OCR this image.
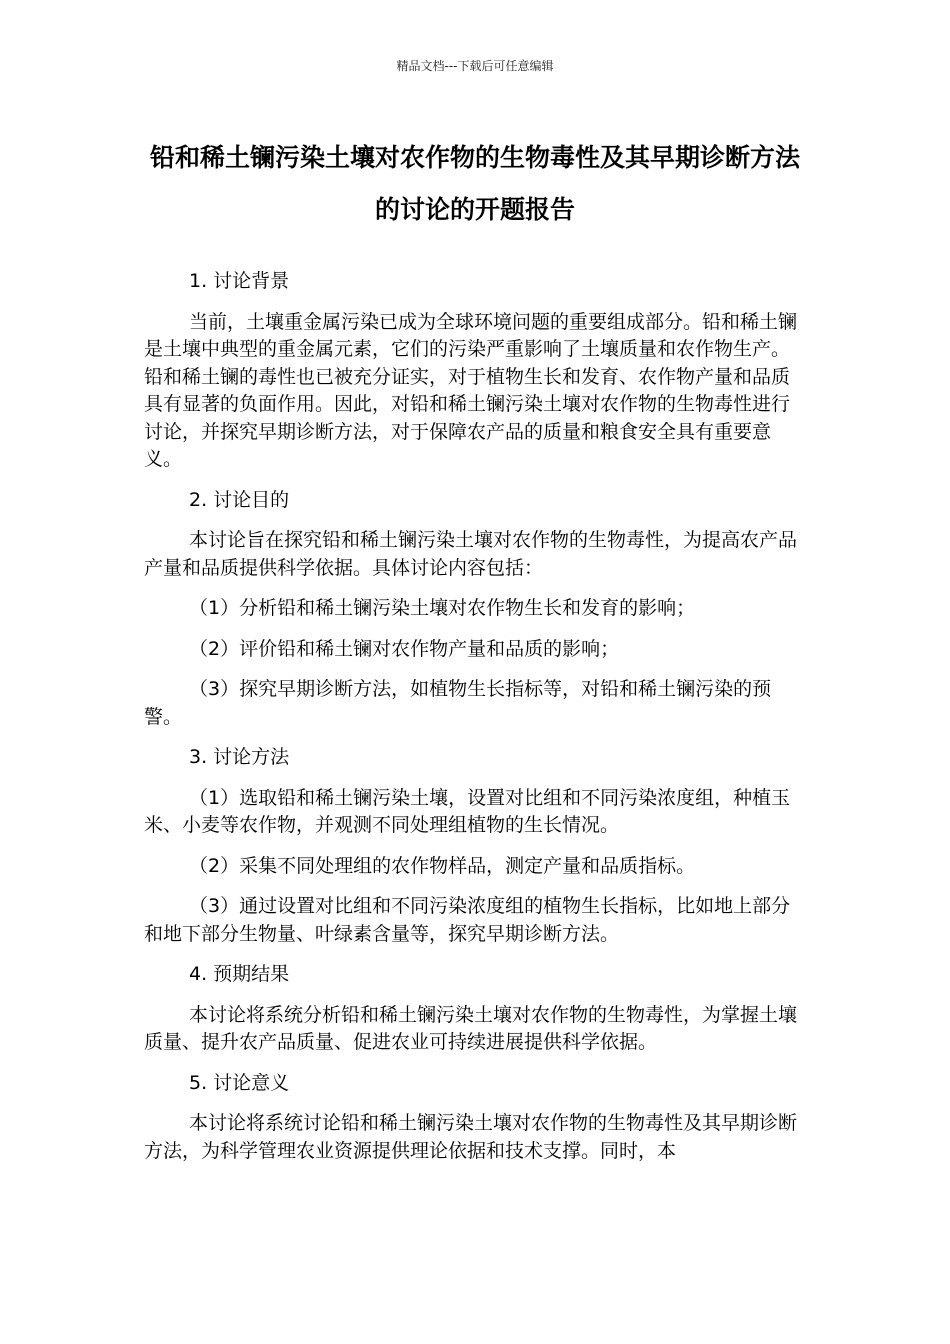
精品文档---下载后可任意编辑
铅和稀土镧污染土壤对农作物的生物毒性及其早期诊断方法的讨论的开题报告

1. 讨论背景

当前，土壤重金属污染已成为全球环境问题的重要组成部分。铅和稀土镧是土壤中典型的重金属元素，它们的污染严重影响了土壤质量和农作物生产。铅和稀土镧的毒性也已被充分证实，对于植物生长和发育、农作物产量和品质具有显著的负面作用。因此，对铅和稀土镧污染土壤对农作物的生物毒性进行讨论，并探究早期诊断方法，对于保障农产品的质量和粮食安全具有重要意义。

2. 讨论目的

本讨论旨在探究铅和稀土镧污染土壤对农作物的生物毒性，为提高农产品产量和品质提供科学依据。具体讨论内容包括：

（1）分析铅和稀土镧污染土壤对农作物生长和发育的影响；

（2）评价铅和稀土镧对农作物产量和品质的影响；

（3）探究早期诊断方法，如植物生长指标等，对铅和稀土镧污染的预警。

3. 讨论方法

（1）选取铅和稀土镧污染土壤，设置对比组和不同污染浓度组，种植玉米、小麦等农作物，并观测不同处理组植物的生长情况。

（2）采集不同处理组的农作物样品，测定产量和品质指标。

（3）通过设置对比组和不同污染浓度组的植物生长指标，比如地上部分和地下部分生物量、叶绿素含量等，探究早期诊断方法。

4. 预期结果

本讨论将系统分析铅和稀土镧污染土壤对农作物的生物毒性，为掌握土壤质量、提升农产品质量、促进农业可持续进展提供科学依据。

5. 讨论意义

本讨论将系统讨论铅和稀土镧污染土壤对农作物的生物毒性及其早期诊断方法，为科学管理农业资源提供理论依据和技术支撑。同时，本
